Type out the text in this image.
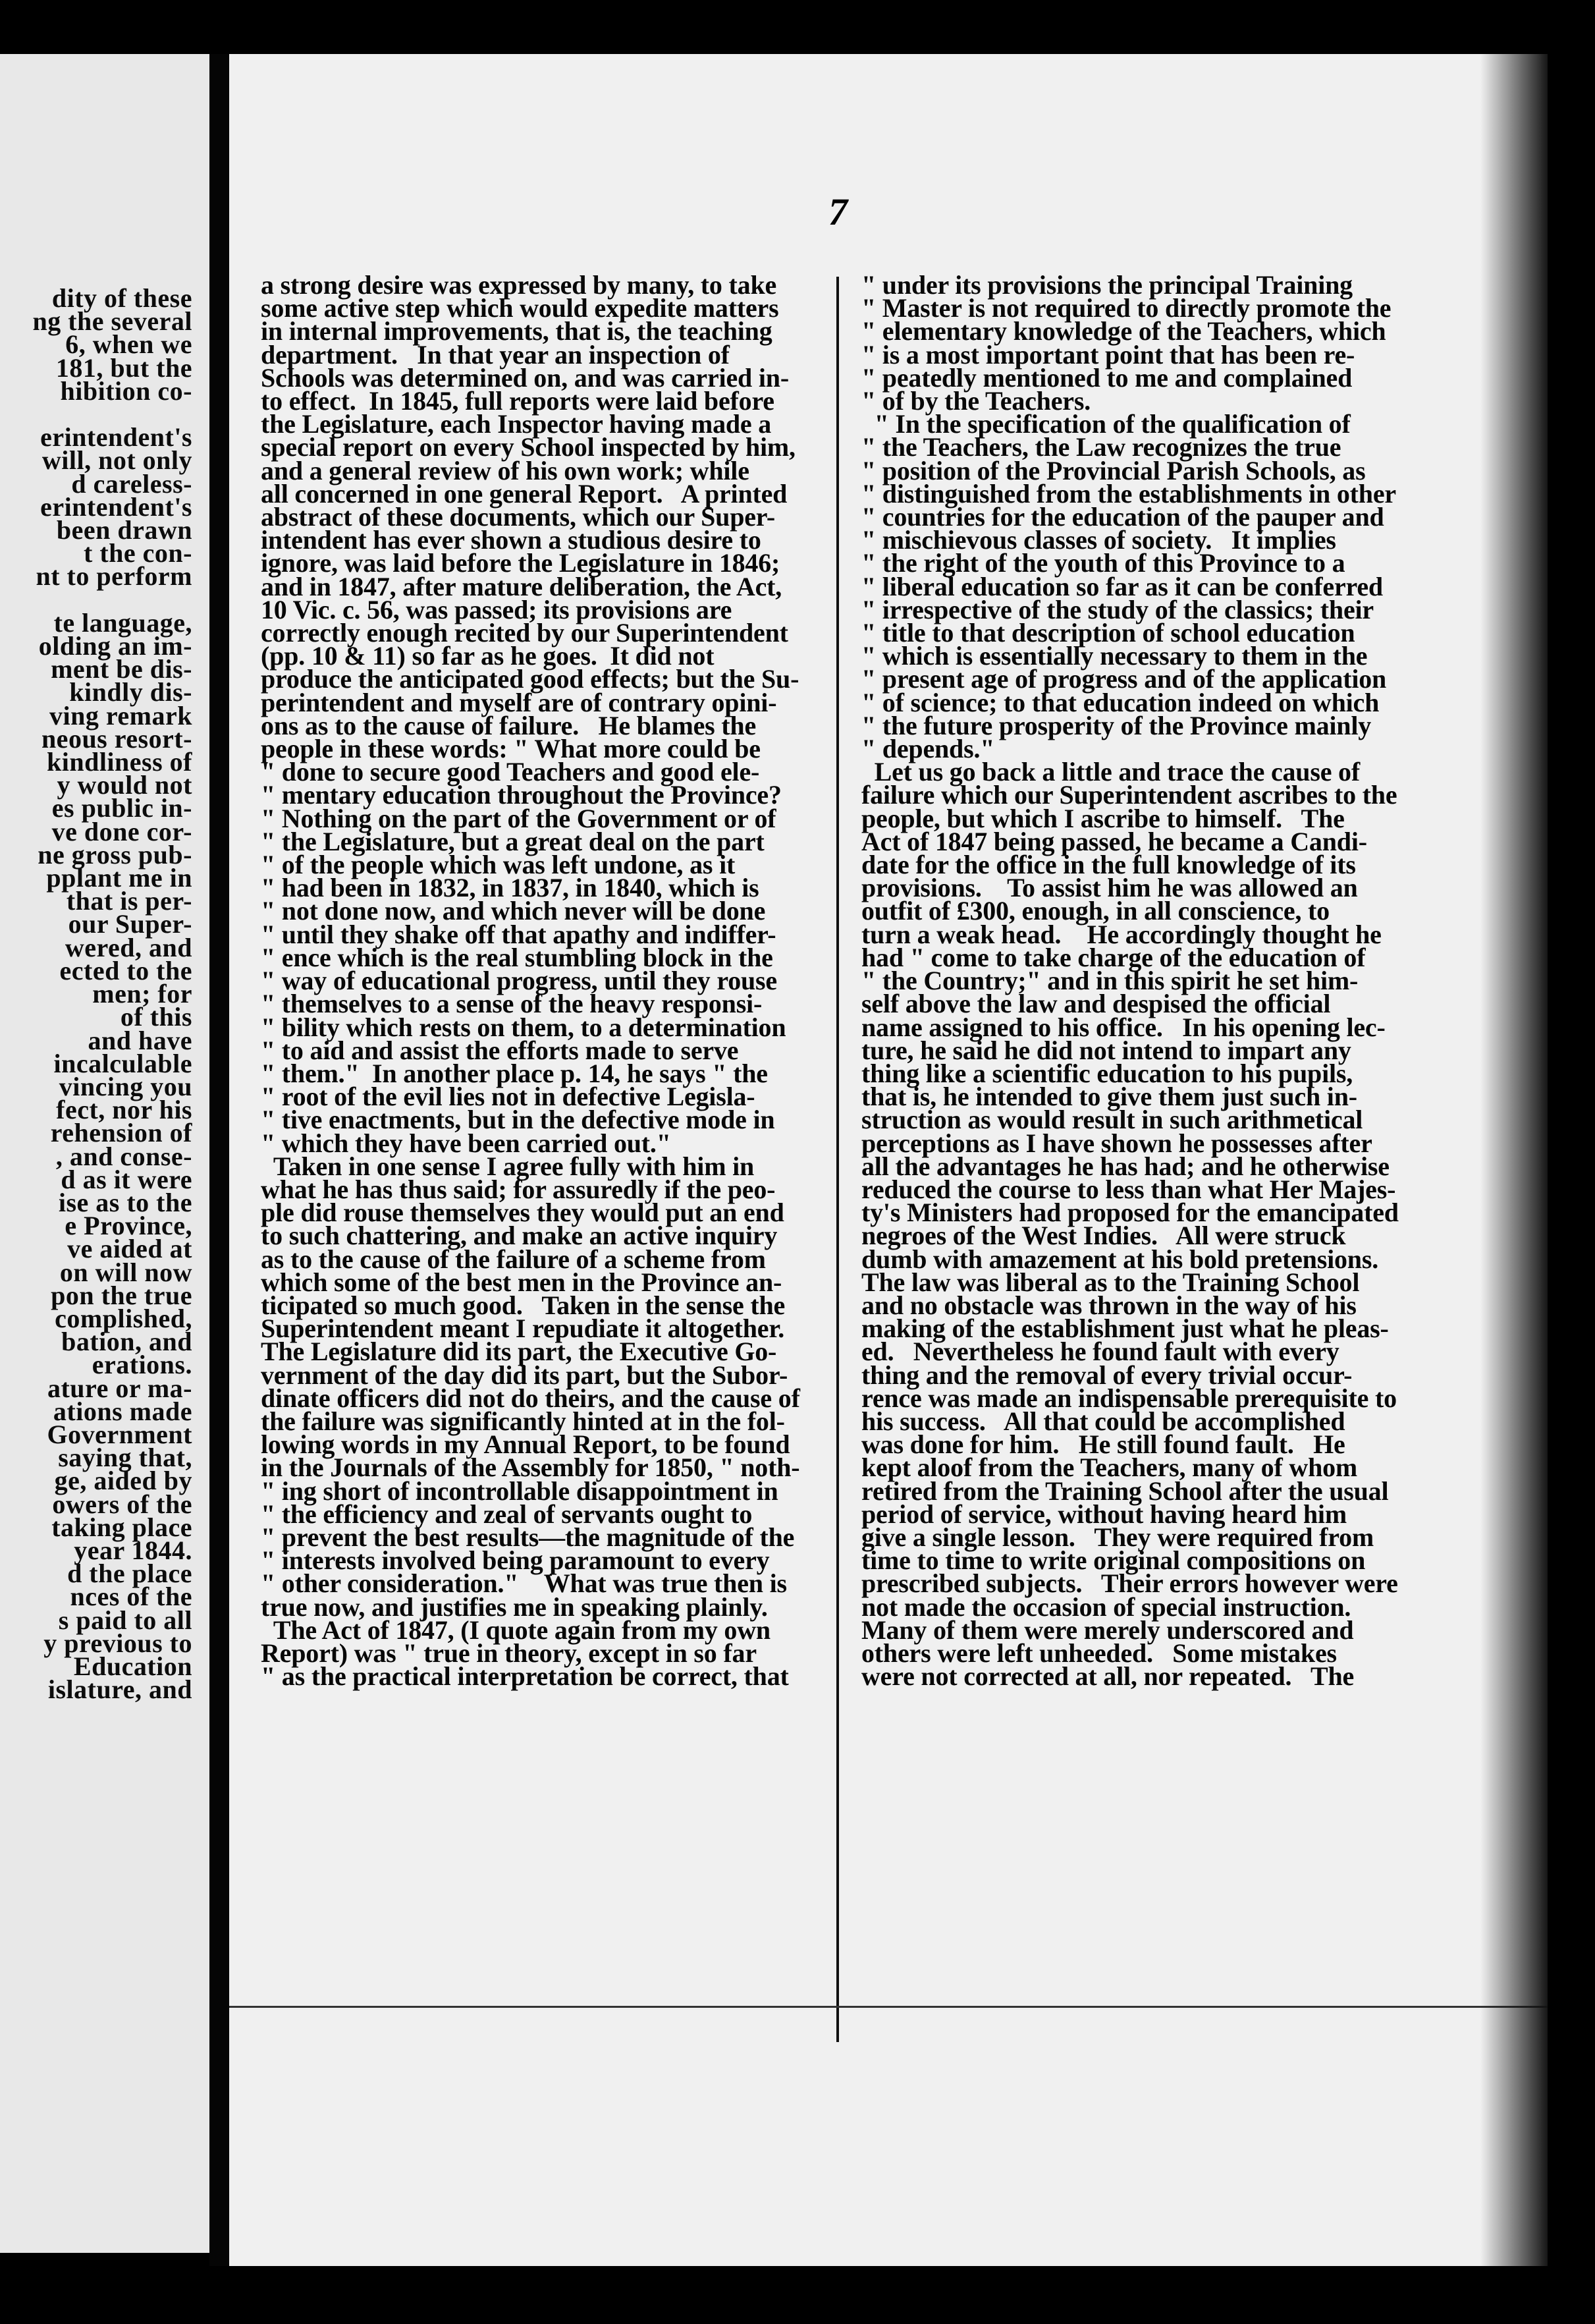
dity of these
ng the several
6, when we
181, but the
hibition co-

erintendent's
will, not only
d careless-
erintendent's
been drawn
t the con-
nt to perform

te language,
olding an im-
ment be dis-
kindly dis-
ving remark
neous resort-
kindliness of
y would not
es public in-
ve done cor-
ne gross pub-
pplant me in
that is per-
our Super-
wered, and
ected to the
men; for
of this
and have
incalculable
vincing you
fect, nor his
rehension of
, and conse-
d as it were
ise as to the
e Province,
ve aided at
on will now
pon the true
complished,
bation, and
erations.
ature or ma-
ations made
Government
saying that,
ge, aided by
owers of the
taking place
year 1844.
d the place
nces of the
s paid to all
y previous to
Education
islature, and
7
a strong desire was expressed by many, to take
some active step which would expedite matters
in internal improvements, that is, the teaching
department.   In that year an inspection of
Schools was determined on, and was carried in-
to effect.  In 1845, full reports were laid before
the Legislature, each Inspector having made a
special report on every School inspected by him,
and a general review of his own work; while
all concerned in one general Report.   A printed
abstract of these documents, which our Super-
intendent has ever shown a studious desire to
ignore, was laid before the Legislature in 1846;
and in 1847, after mature deliberation, the Act,
10 Vic. c. 56, was passed; its provisions are
correctly enough recited by our Superintendent
(pp. 10 & 11) so far as he goes.  It did not
produce the anticipated good effects; but the Su-
perintendent and myself are of contrary opini-
ons as to the cause of failure.   He blames the
people in these words: " What more could be
" done to secure good Teachers and good ele-
" mentary education throughout the Province?
" Nothing on the part of the Government or of
" the Legislature, but a great deal on the part
" of the people which was left undone, as it
" had been in 1832, in 1837, in 1840, which is
" not done now, and which never will be done
" until they shake off that apathy and indiffer-
" ence which is the real stumbling block in the
" way of educational progress, until they rouse
" themselves to a sense of the heavy responsi-
" bility which rests on them, to a determination
" to aid and assist the efforts made to serve
" them."  In another place p. 14, he says " the
" root of the evil lies not in defective Legisla-
" tive enactments, but in the defective mode in
" which they have been carried out."
Taken in one sense I agree fully with him in
what he has thus said; for assuredly if the peo-
ple did rouse themselves they would put an end
to such chattering, and make an active inquiry
as to the cause of the failure of a scheme from
which some of the best men in the Province an-
ticipated so much good.   Taken in the sense the
Superintendent meant I repudiate it altogether.
The Legislature did its part, the Executive Go-
vernment of the day did its part, but the Subor-
dinate officers did not do theirs, and the cause of
the failure was significantly hinted at in the fol-
lowing words in my Annual Report, to be found
in the Journals of the Assembly for 1850, " noth-
" ing short of incontrollable disappointment in
" the efficiency and zeal of servants ought to
" prevent the best results—the magnitude of the
" interests involved being paramount to every
" other consideration."    What was true then is
true now, and justifies me in speaking plainly.
The Act of 1847, (I quote again from my own
Report) was " true in theory, except in so far
" as the practical interpretation be correct, that
" under its provisions the principal Training
" Master is not required to directly promote the
" elementary knowledge of the Teachers, which
" is a most important point that has been re-
" peatedly mentioned to me and complained
" of by the Teachers.
" In the specification of the qualification of
" the Teachers, the Law recognizes the true
" position of the Provincial Parish Schools, as
" distinguished from the establishments in other
" countries for the education of the pauper and
" mischievous classes of society.   It implies
" the right of the youth of this Province to a
" liberal education so far as it can be conferred
" irrespective of the study of the classics; their
" title to that description of school education
" which is essentially necessary to them in the
" present age of progress and of the application
" of science; to that education indeed on which
" the future prosperity of the Province mainly
" depends."
Let us go back a little and trace the cause of
failure which our Superintendent ascribes to the
people, but which I ascribe to himself.   The
Act of 1847 being passed, he became a Candi-
date for the office in the full knowledge of its
provisions.    To assist him he was allowed an
outfit of £300, enough, in all conscience, to
turn a weak head.    He accordingly thought he
had " come to take charge of the education of
" the Country;" and in this spirit he set him-
self above the law and despised the official
name assigned to his office.   In his opening lec-
ture, he said he did not intend to impart any
thing like a scientific education to his pupils,
that is, he intended to give them just such in-
struction as would result in such arithmetical
perceptions as I have shown he possesses after
all the advantages he has had; and he otherwise
reduced the course to less than what Her Majes-
ty's Ministers had proposed for the emancipated
negroes of the West Indies.   All were struck
dumb with amazement at his bold pretensions.
The law was liberal as to the Training School
and no obstacle was thrown in the way of his
making of the establishment just what he pleas-
ed.   Nevertheless he found fault with every
thing and the removal of every trivial occur-
rence was made an indispensable prerequisite to
his success.   All that could be accomplished
was done for him.   He still found fault.   He
kept aloof from the Teachers, many of whom
retired from the Training School after the usual
period of service, without having heard him
give a single lesson.   They were required from
time to time to write original compositions on
prescribed subjects.   Their errors however were
not made the occasion of special instruction.
Many of them were merely underscored and
others were left unheeded.   Some mistakes
were not corrected at all, nor repeated.   The
